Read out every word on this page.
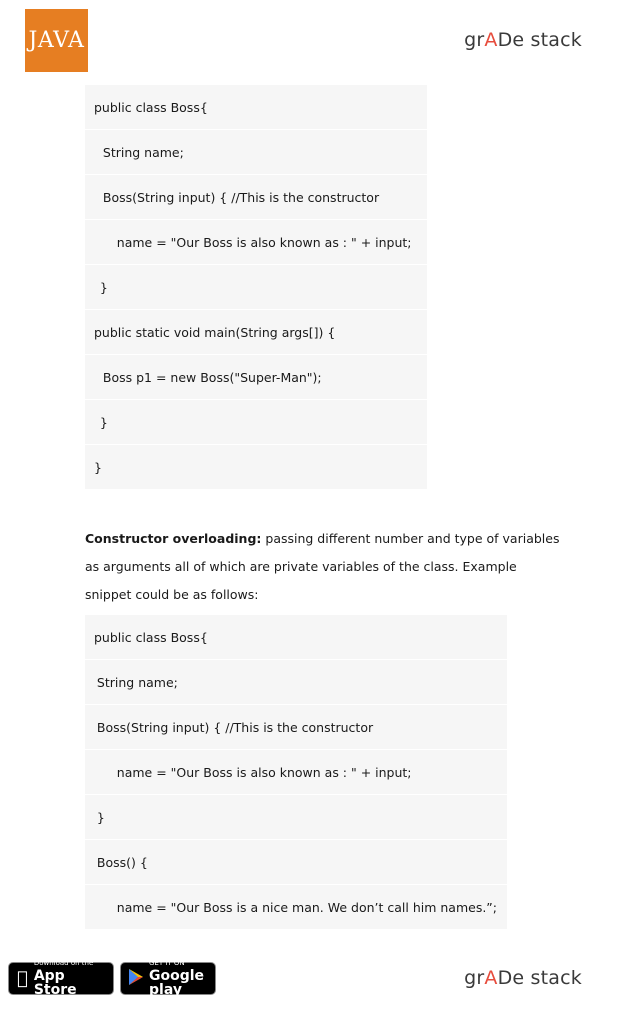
JAVA	grADe stack
public class Boss{
String name;
Boss(String input) { //This is the constructor
name = "Our Boss is also known as : " + input;
}
public static void main(String args[]) {
Boss p1 = new Boss("Super-Man");
}
}
Constructor overloading: passing different number and type of variables as arguments all of which are private variables of the class. Example snippet could be as follows:
public class Boss{
String name;
Boss(String input) { //This is the constructor
name = "Our Boss is also known as : " + input;
}
Boss() {
name = "Our Boss is a nice man. We don’t call him names.”;
Download on the
App Store
GET IT ON
Google play
grADe stack
